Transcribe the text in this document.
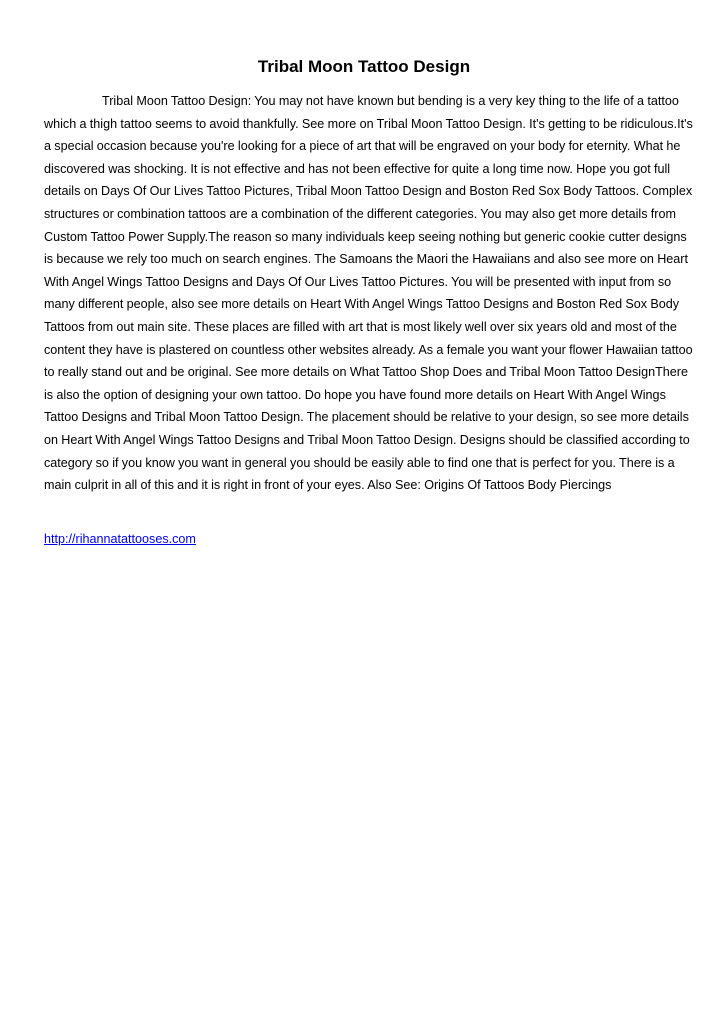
Tribal Moon Tattoo Design

Tribal Moon Tattoo Design: You may not have known but bending is a very key thing to the life of a tattoo which a thigh tattoo seems to avoid thankfully. See more on Tribal Moon Tattoo Design. It's getting to be ridiculous.It's a special occasion because you're looking for a piece of art that will be engraved on your body for eternity. What he discovered was shocking. It is not effective and has not been effective for quite a long time now. Hope you got full details on Days Of Our Lives Tattoo Pictures, Tribal Moon Tattoo Design and Boston Red Sox Body Tattoos. Complex structures or combination tattoos are a combination of the different categories. You may also get more details from Custom Tattoo Power Supply.The reason so many individuals keep seeing nothing but generic cookie cutter designs is because we rely too much on search engines. The Samoans the Maori the Hawaiians and also see more on Heart With Angel Wings Tattoo Designs and Days Of Our Lives Tattoo Pictures. You will be presented with input from so many different people, also see more details on Heart With Angel Wings Tattoo Designs and Boston Red Sox Body Tattoos from out main site. These places are filled with art that is most likely well over six years old and most of the content they have is plastered on countless other websites already. As a female you want your flower Hawaiian tattoo to really stand out and be original. See more details on What Tattoo Shop Does and Tribal Moon Tattoo DesignThere is also the option of designing your own tattoo. Do hope you have found more details on Heart With Angel Wings Tattoo Designs and Tribal Moon Tattoo Design. The placement should be relative to your design, so see more details on Heart With Angel Wings Tattoo Designs and Tribal Moon Tattoo Design. Designs should be classified according to category so if you know you want in general you should be easily able to find one that is perfect for you. There is a main culprit in all of this and it is right in front of your eyes. Also See: Origins Of Tattoos Body Piercings

http://rihannatattooses.com
